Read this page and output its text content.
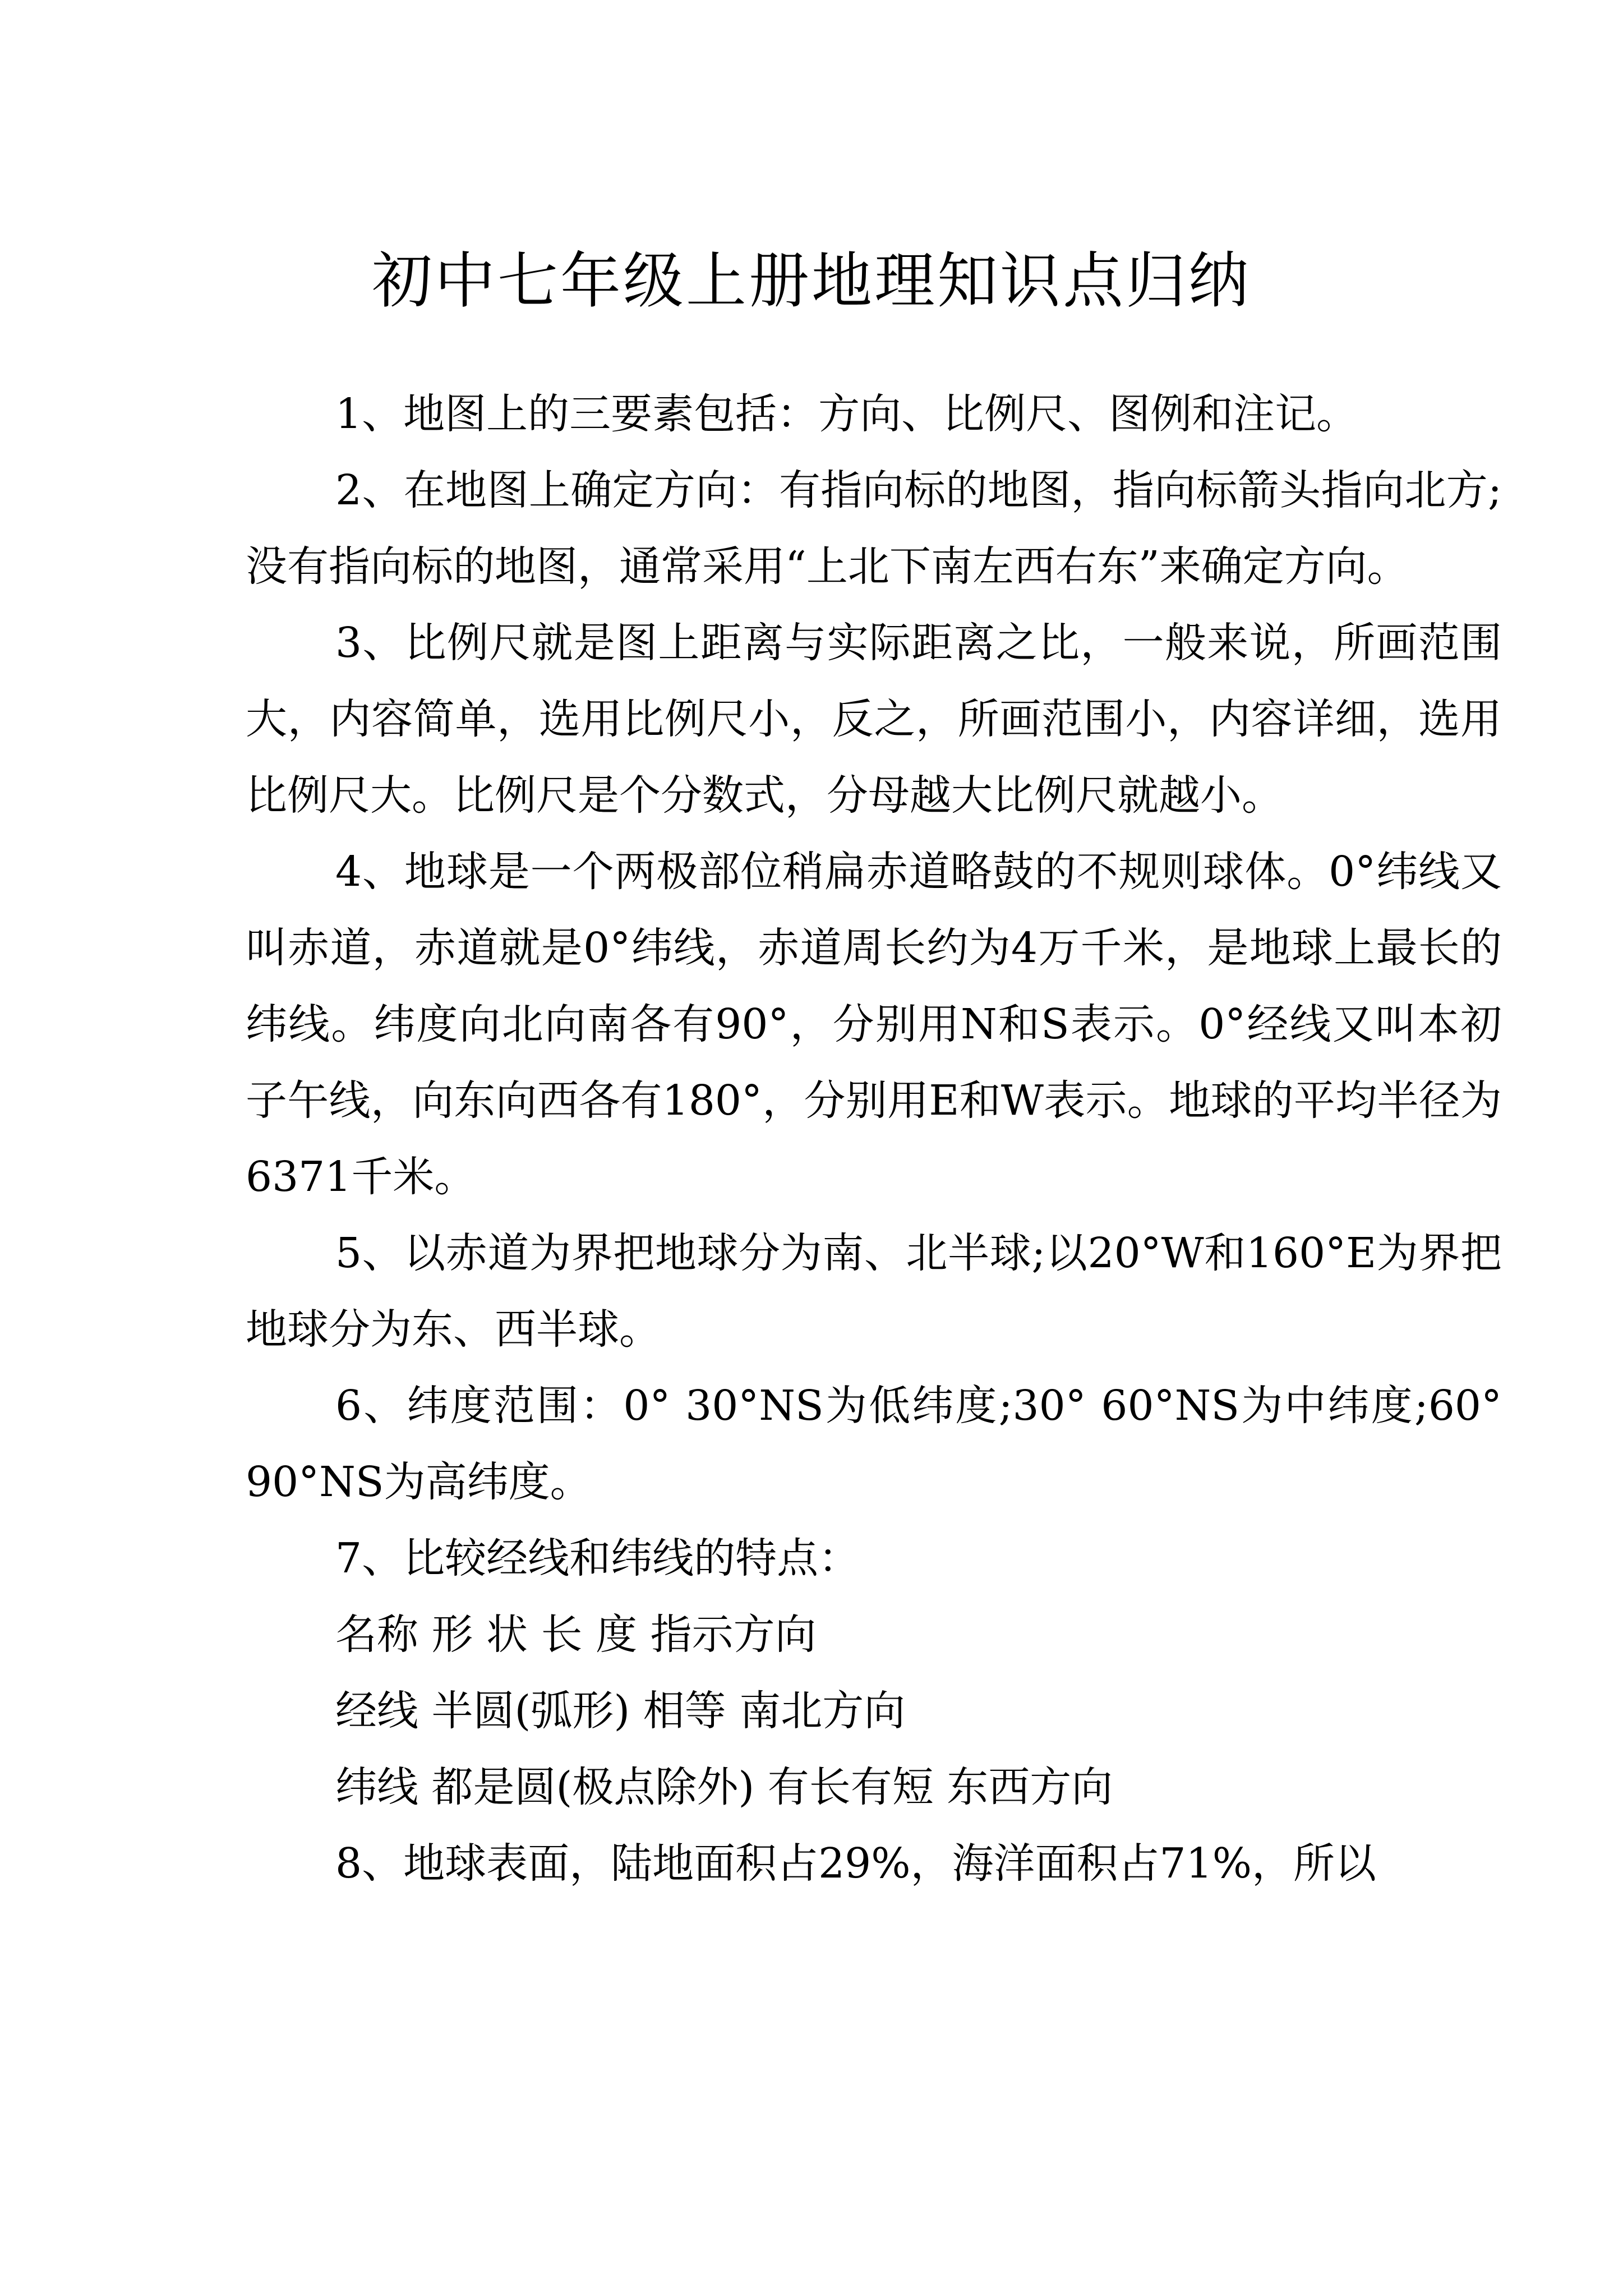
初中七年级上册地理知识点归纳

1、地图上的三要素包括：方向、比例尺、图例和注记。

2、在地图上确定方向：有指向标的地图，指向标箭头指向北方;没有指向标的地图，通常采用“上北下南左西右东”来确定方向。

3、比例尺就是图上距离与实际距离之比，一般来说，所画范围大，内容简单，选用比例尺小，反之，所画范围小，内容详细，选用比例尺大。比例尺是个分数式，分母越大比例尺就越小。

4、地球是一个两极部位稍扁赤道略鼓的不规则球体。0°纬线又叫赤道，赤道就是0°纬线，赤道周长约为4万千米，是地球上最长的纬线。纬度向北向南各有90°，分别用N和S表示。0°经线又叫本初子午线，向东向西各有180°，分别用E和W表示。地球的平均半径为6371千米。

5、以赤道为界把地球分为南、北半球;以20°W和160°E为界把地球分为东、西半球。

6、纬度范围：0° 30°NS为低纬度;30° 60°NS为中纬度;60° 90°NS为高纬度。

7、比较经线和纬线的特点：

名称 形 状 长 度 指示方向

经线 半圆(弧形) 相等 南北方向

纬线 都是圆(极点除外) 有长有短 东西方向

8、地球表面，陆地面积占29%，海洋面积占71%，所以
